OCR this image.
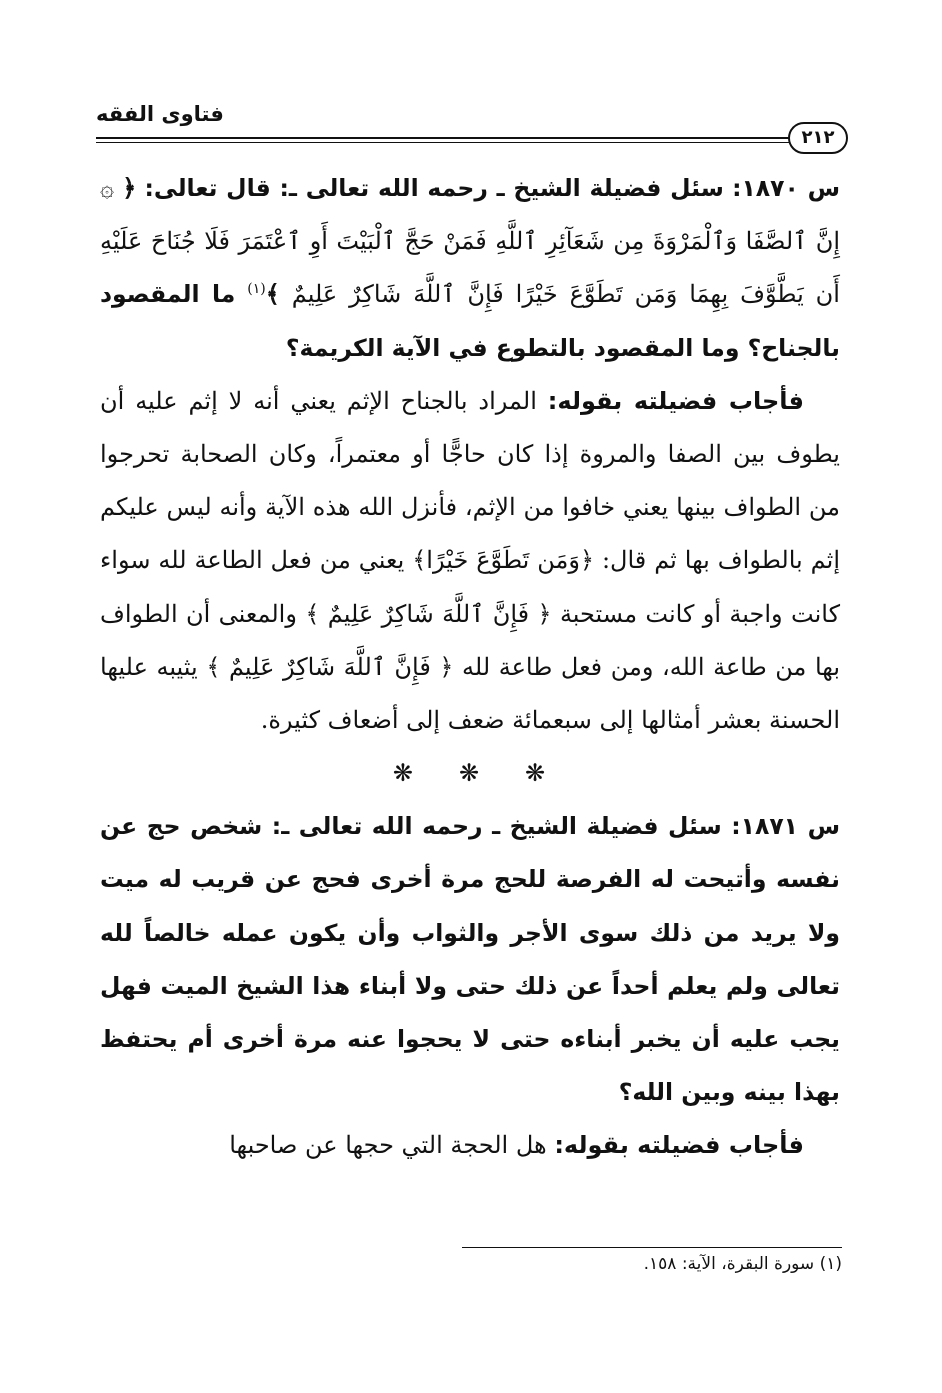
فتاوى الفقه
٢١٢

س ١٨٧٠: سئل فضيلة الشيخ ـ رحمه الله تعالى ـ: قال تعالى: ﴿ ۞ إِنَّ ٱلصَّفَا وَٱلْمَرْوَةَ مِن شَعَآئِرِ ٱللَّهِ فَمَنْ حَجَّ ٱلْبَيْتَ أَوِ ٱعْتَمَرَ فَلَا جُنَاحَ عَلَيْهِ أَن يَطَّوَّفَ بِهِمَا وَمَن تَطَوَّعَ خَيْرًا فَإِنَّ ٱللَّهَ شَاكِرٌ عَلِيمٌ ﴾$^{(١)}$ ما المقصود بالجناح؟ وما المقصود بالتطوع في الآية الكريمة؟

فأجاب فضيلته بقوله: المراد بالجناح الإثم يعني أنه لا إثم عليه أن يطوف بين الصفا والمروة إذا كان حاجًّا أو معتمراً، وكان الصحابة تحرجوا من الطواف بينها يعني خافوا من الإثم، فأنزل الله هذه الآية وأنه ليس عليكم إثم بالطواف بها ثم قال: ﴿وَمَن تَطَوَّعَ خَيْرًا﴾ يعني من فعل الطاعة لله سواء كانت واجبة أو كانت مستحبة ﴿ فَإِنَّ ٱللَّهَ شَاكِرٌ عَلِيمٌ ﴾ والمعنى أن الطواف بها من طاعة الله، ومن فعل طاعة لله ﴿ فَإِنَّ ٱللَّهَ شَاكِرٌ عَلِيمٌ ﴾ يثيبه عليها الحسنة بعشر أمثالها إلى سبعمائة ضعف إلى أضعاف كثيرة.

❋❋❋

س ١٨٧١: سئل فضيلة الشيخ ـ رحمه الله تعالى ـ: شخص حج عن نفسه وأتيحت له الفرصة للحج مرة أخرى فحج عن قريب له ميت ولا يريد من ذلك سوى الأجر والثواب وأن يكون عمله خالصاً لله تعالى ولم يعلم أحداً عن ذلك حتى ولا أبناء هذا الشيخ الميت فهل يجب عليه أن يخبر أبناءه حتى لا يحجوا عنه مرة أخرى أم يحتفظ بهذا بينه وبين الله؟

فأجاب فضيلته بقوله: هل الحجة التي حجها عن صاحبها

(١) سورة البقرة، الآية: ١٥٨.
